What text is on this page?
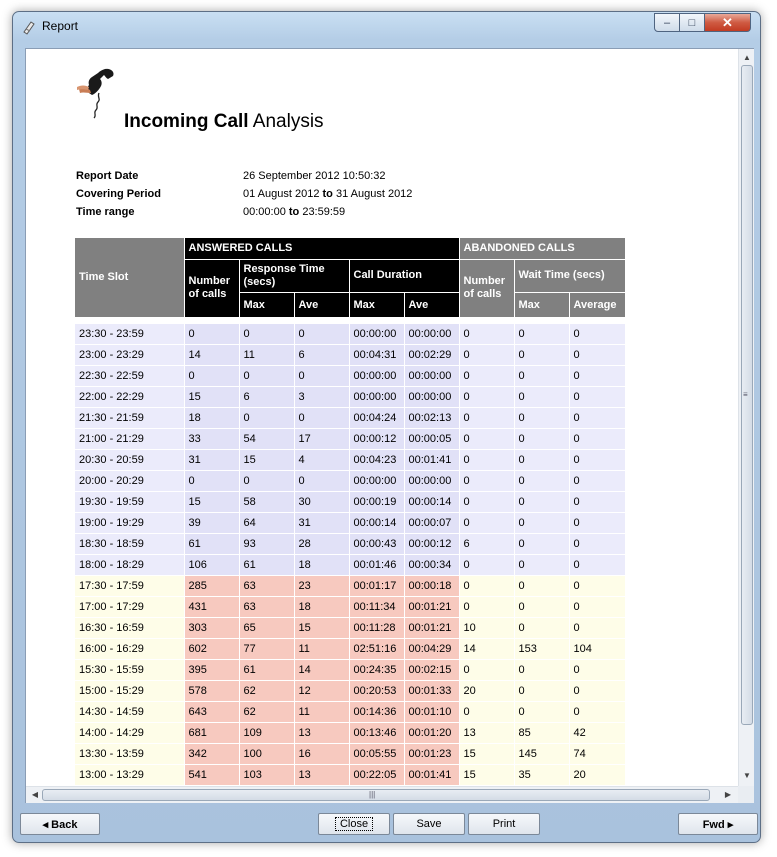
Report	– □ ✕
Incoming Call Analysis
Report Date	26 September 2012 10:50:32
Covering Period	01 August 2012 to 31 August 2012
Time range	00:00:00 to 23:59:59
Time Slot	ANSWERED CALLS					ABANDONED CALLS		
	Number of calls	Response Time (secs)		Call Duration		Number of calls	Wait Time (secs)	
		Max	Ave	Max	Ave		Max	Average

23:30 - 23:59	0	0	0	00:00:00	00:00:00	0	0	0
23:00 - 23:29	14	11	6	00:04:31	00:02:29	0	0	0
22:30 - 22:59	0	0	0	00:00:00	00:00:00	0	0	0
22:00 - 22:29	15	6	3	00:00:00	00:00:00	0	0	0
21:30 - 21:59	18	0	0	00:04:24	00:02:13	0	0	0
21:00 - 21:29	33	54	17	00:00:12	00:00:05	0	0	0
20:30 - 20:59	31	15	4	00:04:23	00:01:41	0	0	0
20:00 - 20:29	0	0	0	00:00:00	00:00:00	0	0	0
19:30 - 19:59	15	58	30	00:00:19	00:00:14	0	0	0
19:00 - 19:29	39	64	31	00:00:14	00:00:07	0	0	0
18:30 - 18:59	61	93	28	00:00:43	00:00:12	6	0	0
18:00 - 18:29	106	61	18	00:01:46	00:00:34	0	0	0
17:30 - 17:59	285	63	23	00:01:17	00:00:18	0	0	0
17:00 - 17:29	431	63	18	00:11:34	00:01:21	0	0	0
16:30 - 16:59	303	65	15	00:11:28	00:01:21	10	0	0
16:00 - 16:29	602	77	11	02:51:16	00:04:29	14	153	104
15:30 - 15:59	395	61	14	00:24:35	00:02:15	0	0	0
15:00 - 15:29	578	62	12	00:20:53	00:01:33	20	0	0
14:30 - 14:59	643	62	11	00:14:36	00:01:10	0	0	0
14:00 - 14:29	681	109	13	00:13:46	00:01:20	13	85	42
13:30 - 13:59	342	100	16	00:05:55	00:01:23	15	145	74
13:00 - 13:29	541	103	13	00:22:05	00:01:41	15	35	20
▲
≡
▼
◀	|||	▶
◂ Back	Close	Save	Print	Fwd ▸
